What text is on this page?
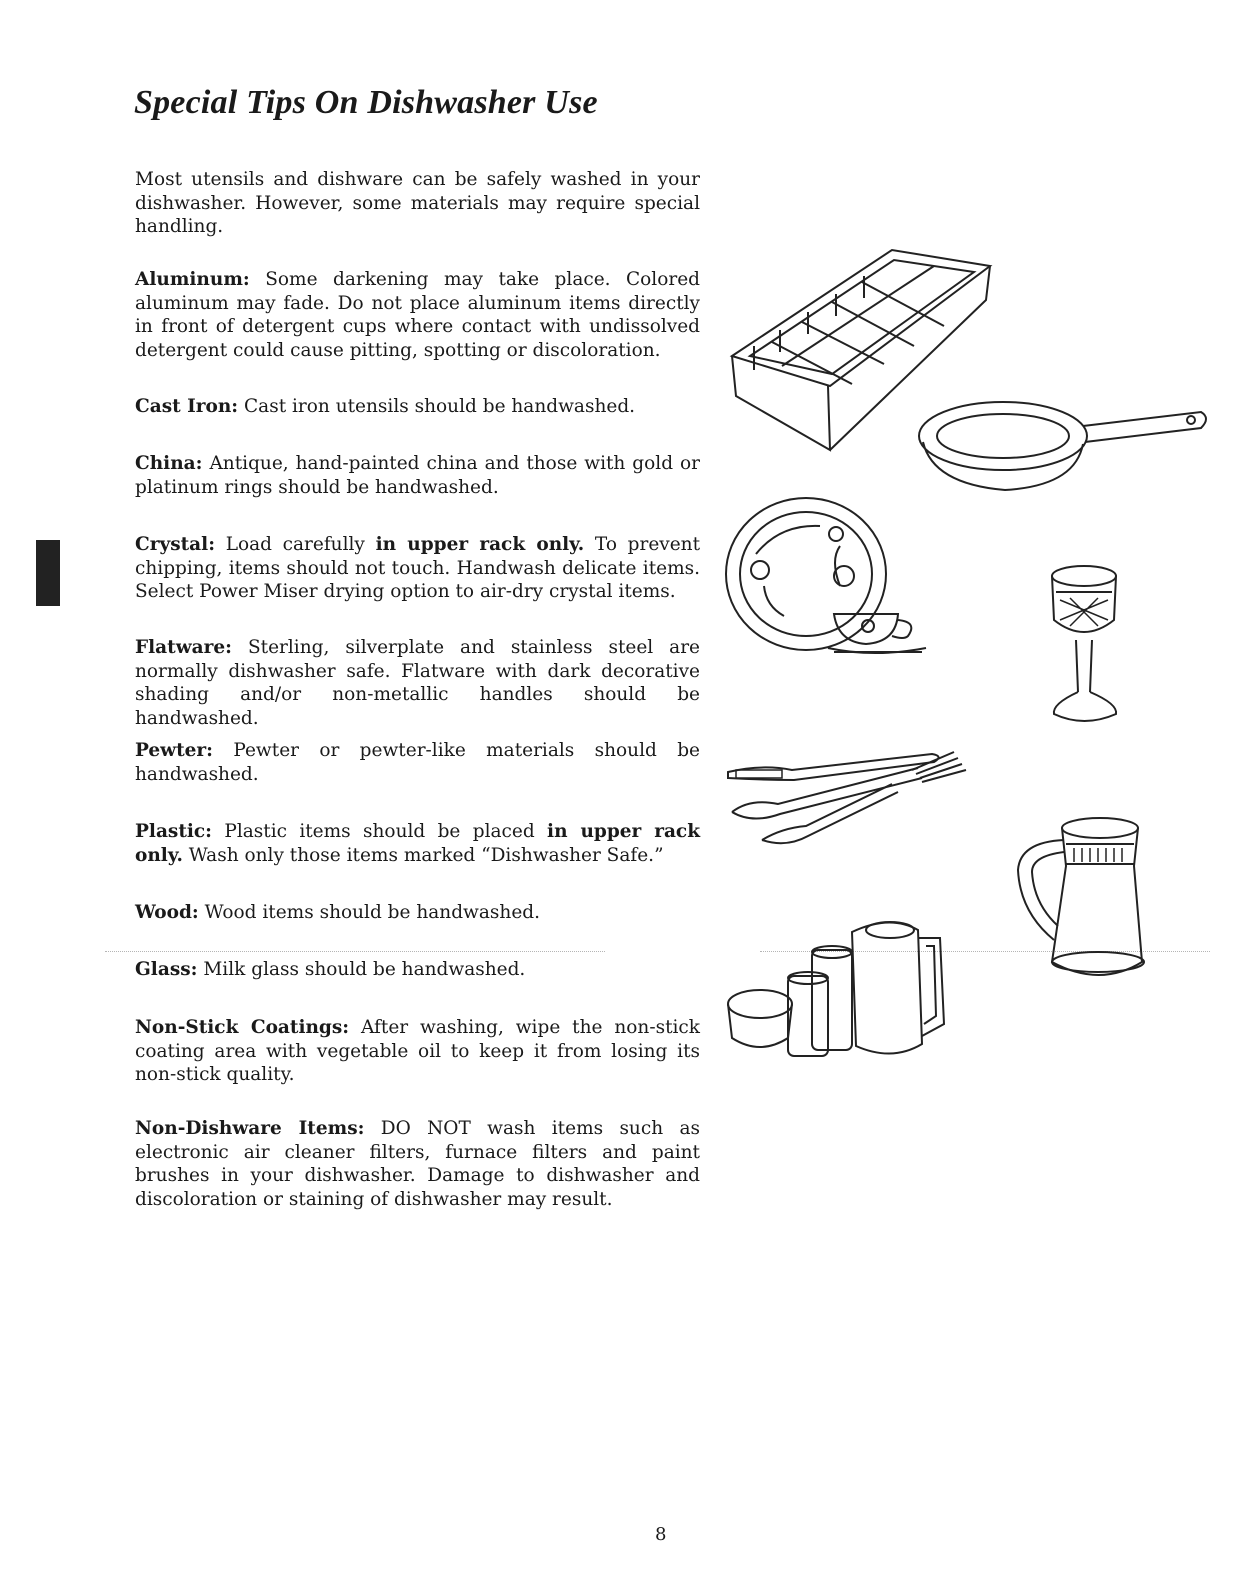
Special Tips On Dishwasher Use

Most utensils and dishware can be safely washed in your dishwasher. However, some materials may require special handling.

Aluminum: Some darkening may take place. Colored aluminum may fade. Do not place aluminum items directly in front of detergent cups where contact with undissolved detergent could cause pitting, spotting or discoloration.

Cast Iron: Cast iron utensils should be handwashed.

China: Antique, hand-painted china and those with gold or platinum rings should be handwashed.

Crystal: Load carefully in upper rack only. To prevent chipping, items should not touch. Handwash delicate items. Select Power Miser drying option to air-dry crystal items.

Flatware: Sterling, silverplate and stainless steel are normally dishwasher safe. Flatware with dark decorative shading and/or non-metallic handles should be handwashed.

Pewter: Pewter or pewter-like materials should be handwashed.

Plastic: Plastic items should be placed in upper rack only. Wash only those items marked “Dishwasher Safe.”

Wood: Wood items should be handwashed.

Glass: Milk glass should be handwashed.

Non-Stick Coatings: After washing, wipe the non-stick coating area with vegetable oil to keep it from losing its non-stick quality.

Non-Dishware Items: DO NOT wash items such as electronic air cleaner filters, furnace filters and paint brushes in your dishwasher. Damage to dishwasher and discoloration or staining of dishwasher may result.

8
